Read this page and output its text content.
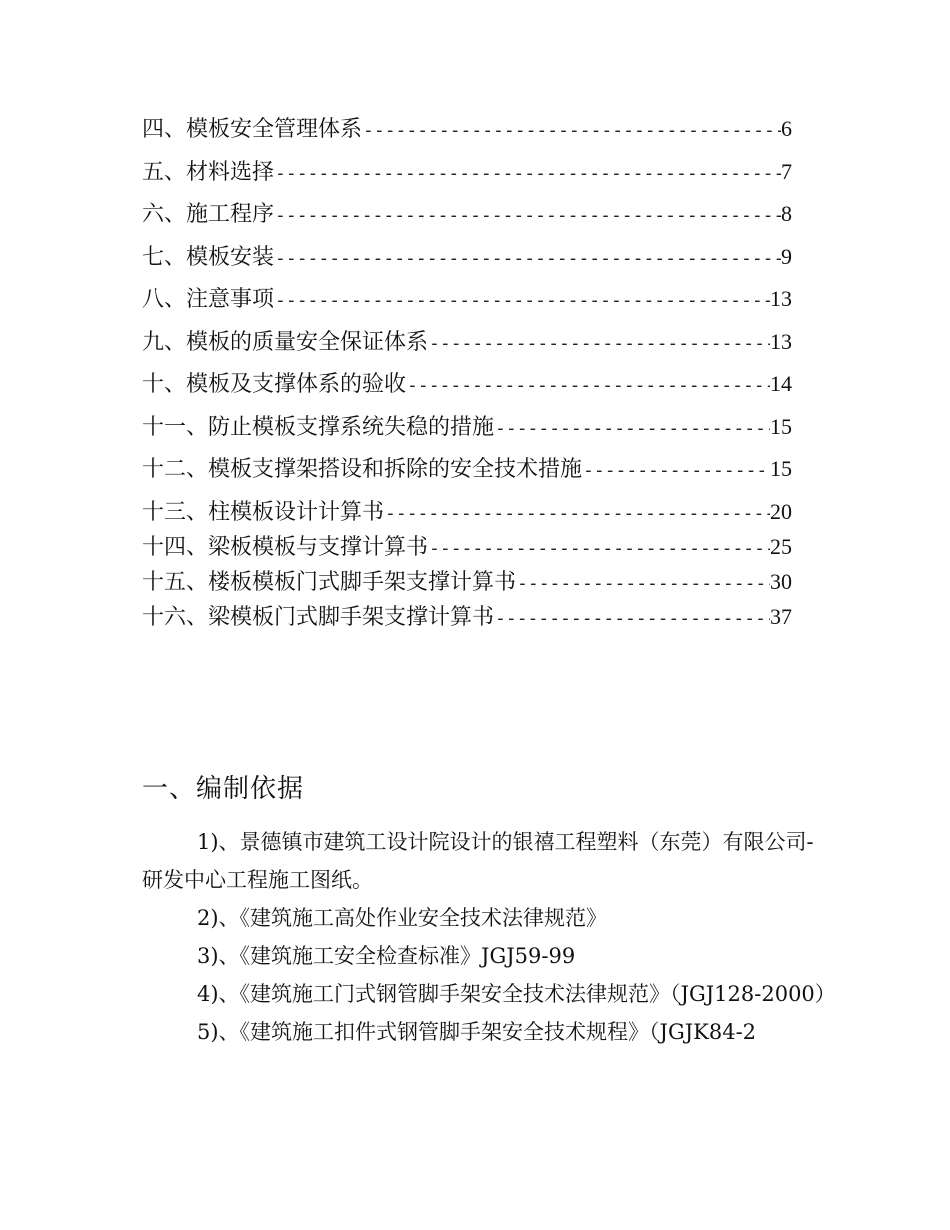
四、模板安全管理体系 -----	6
五、材料选择 -----	7
六、施工程序 -----	8
七、模板安装 -----	9
八、注意事项 -----	13
九、模板的质量安全保证体系 -----	13
十、模板及支撑体系的验收 -----	14
十一、防止模板支撑系统失稳的措施 -----	15
十二、模板支撑架搭设和拆除的安全技术措施 -----	15
十三、柱模板设计计算书 -----	20
十四、梁板模板与支撑计算书 -----	25
十五、楼板模板门式脚手架支撑计算书 -----	30
十六、梁模板门式脚手架支撑计算书 -----	37
一、编制依据

1)、景德镇市建筑工设计院设计的银禧工程塑料（东莞）有限公司-研发中心工程施工图纸。

2)、《建筑施工高处作业安全技术法律规范》

3)、《建筑施工安全检查标准》JGJ59-99

4)、《建筑施工门式钢管脚手架安全技术法律规范》（JGJ128-2000）

5)、《建筑施工扣件式钢管脚手架安全技术规程》（JGJK84-2
